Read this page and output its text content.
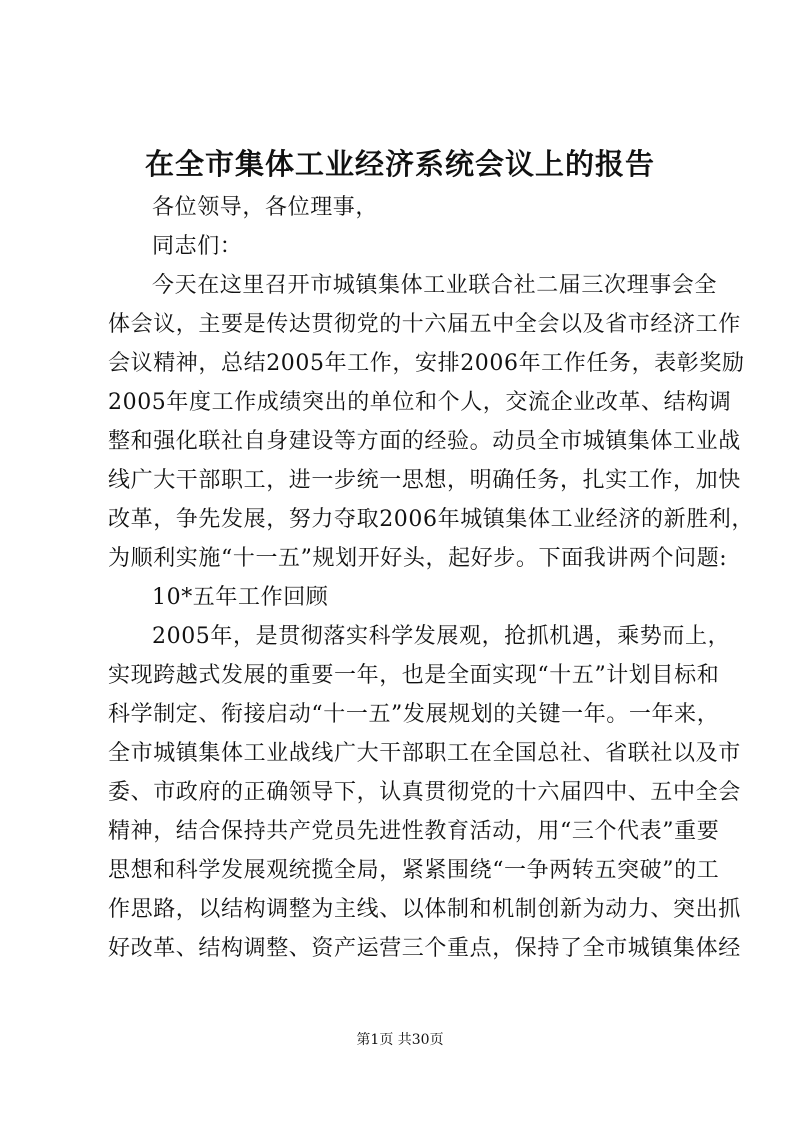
在全市集体工业经济系统会议上的报告
各位领导，各位理事，
同志们：
今天在这里召开市城镇集体工业联合社二届三次理事会全
体会议，主要是传达贯彻党的十六届五中全会以及省市经济工作
会议精神，总结2005年工作，安排2006年工作任务，表彰奖励
2005年度工作成绩突出的单位和个人，交流企业改革、结构调
整和强化联社自身建设等方面的经验。动员全市城镇集体工业战
线广大干部职工，进一步统一思想，明确任务，扎实工作，加快
改革，争先发展，努力夺取2006年城镇集体工业经济的新胜利，
为顺利实施“十一五”规划开好头，起好步。下面我讲两个问题:
10*五年工作回顾
2005年，是贯彻落实科学发展观，抢抓机遇，乘势而上，
实现跨越式发展的重要一年，也是全面实现“十五”计划目标和
科学制定、衔接启动“十一五”发展规划的关键一年。一年来，
全市城镇集体工业战线广大干部职工在全国总社、省联社以及市
委、市政府的正确领导下，认真贯彻党的十六届四中、五中全会
精神，结合保持共产党员先进性教育活动，用“三个代表”重要
思想和科学发展观统揽全局，紧紧围绕“一争两转五突破”的工
作思路，以结构调整为主线、以体制和机制创新为动力、突出抓
好改革、结构调整、资产运营三个重点，保持了全市城镇集体经
第1页 共30页
